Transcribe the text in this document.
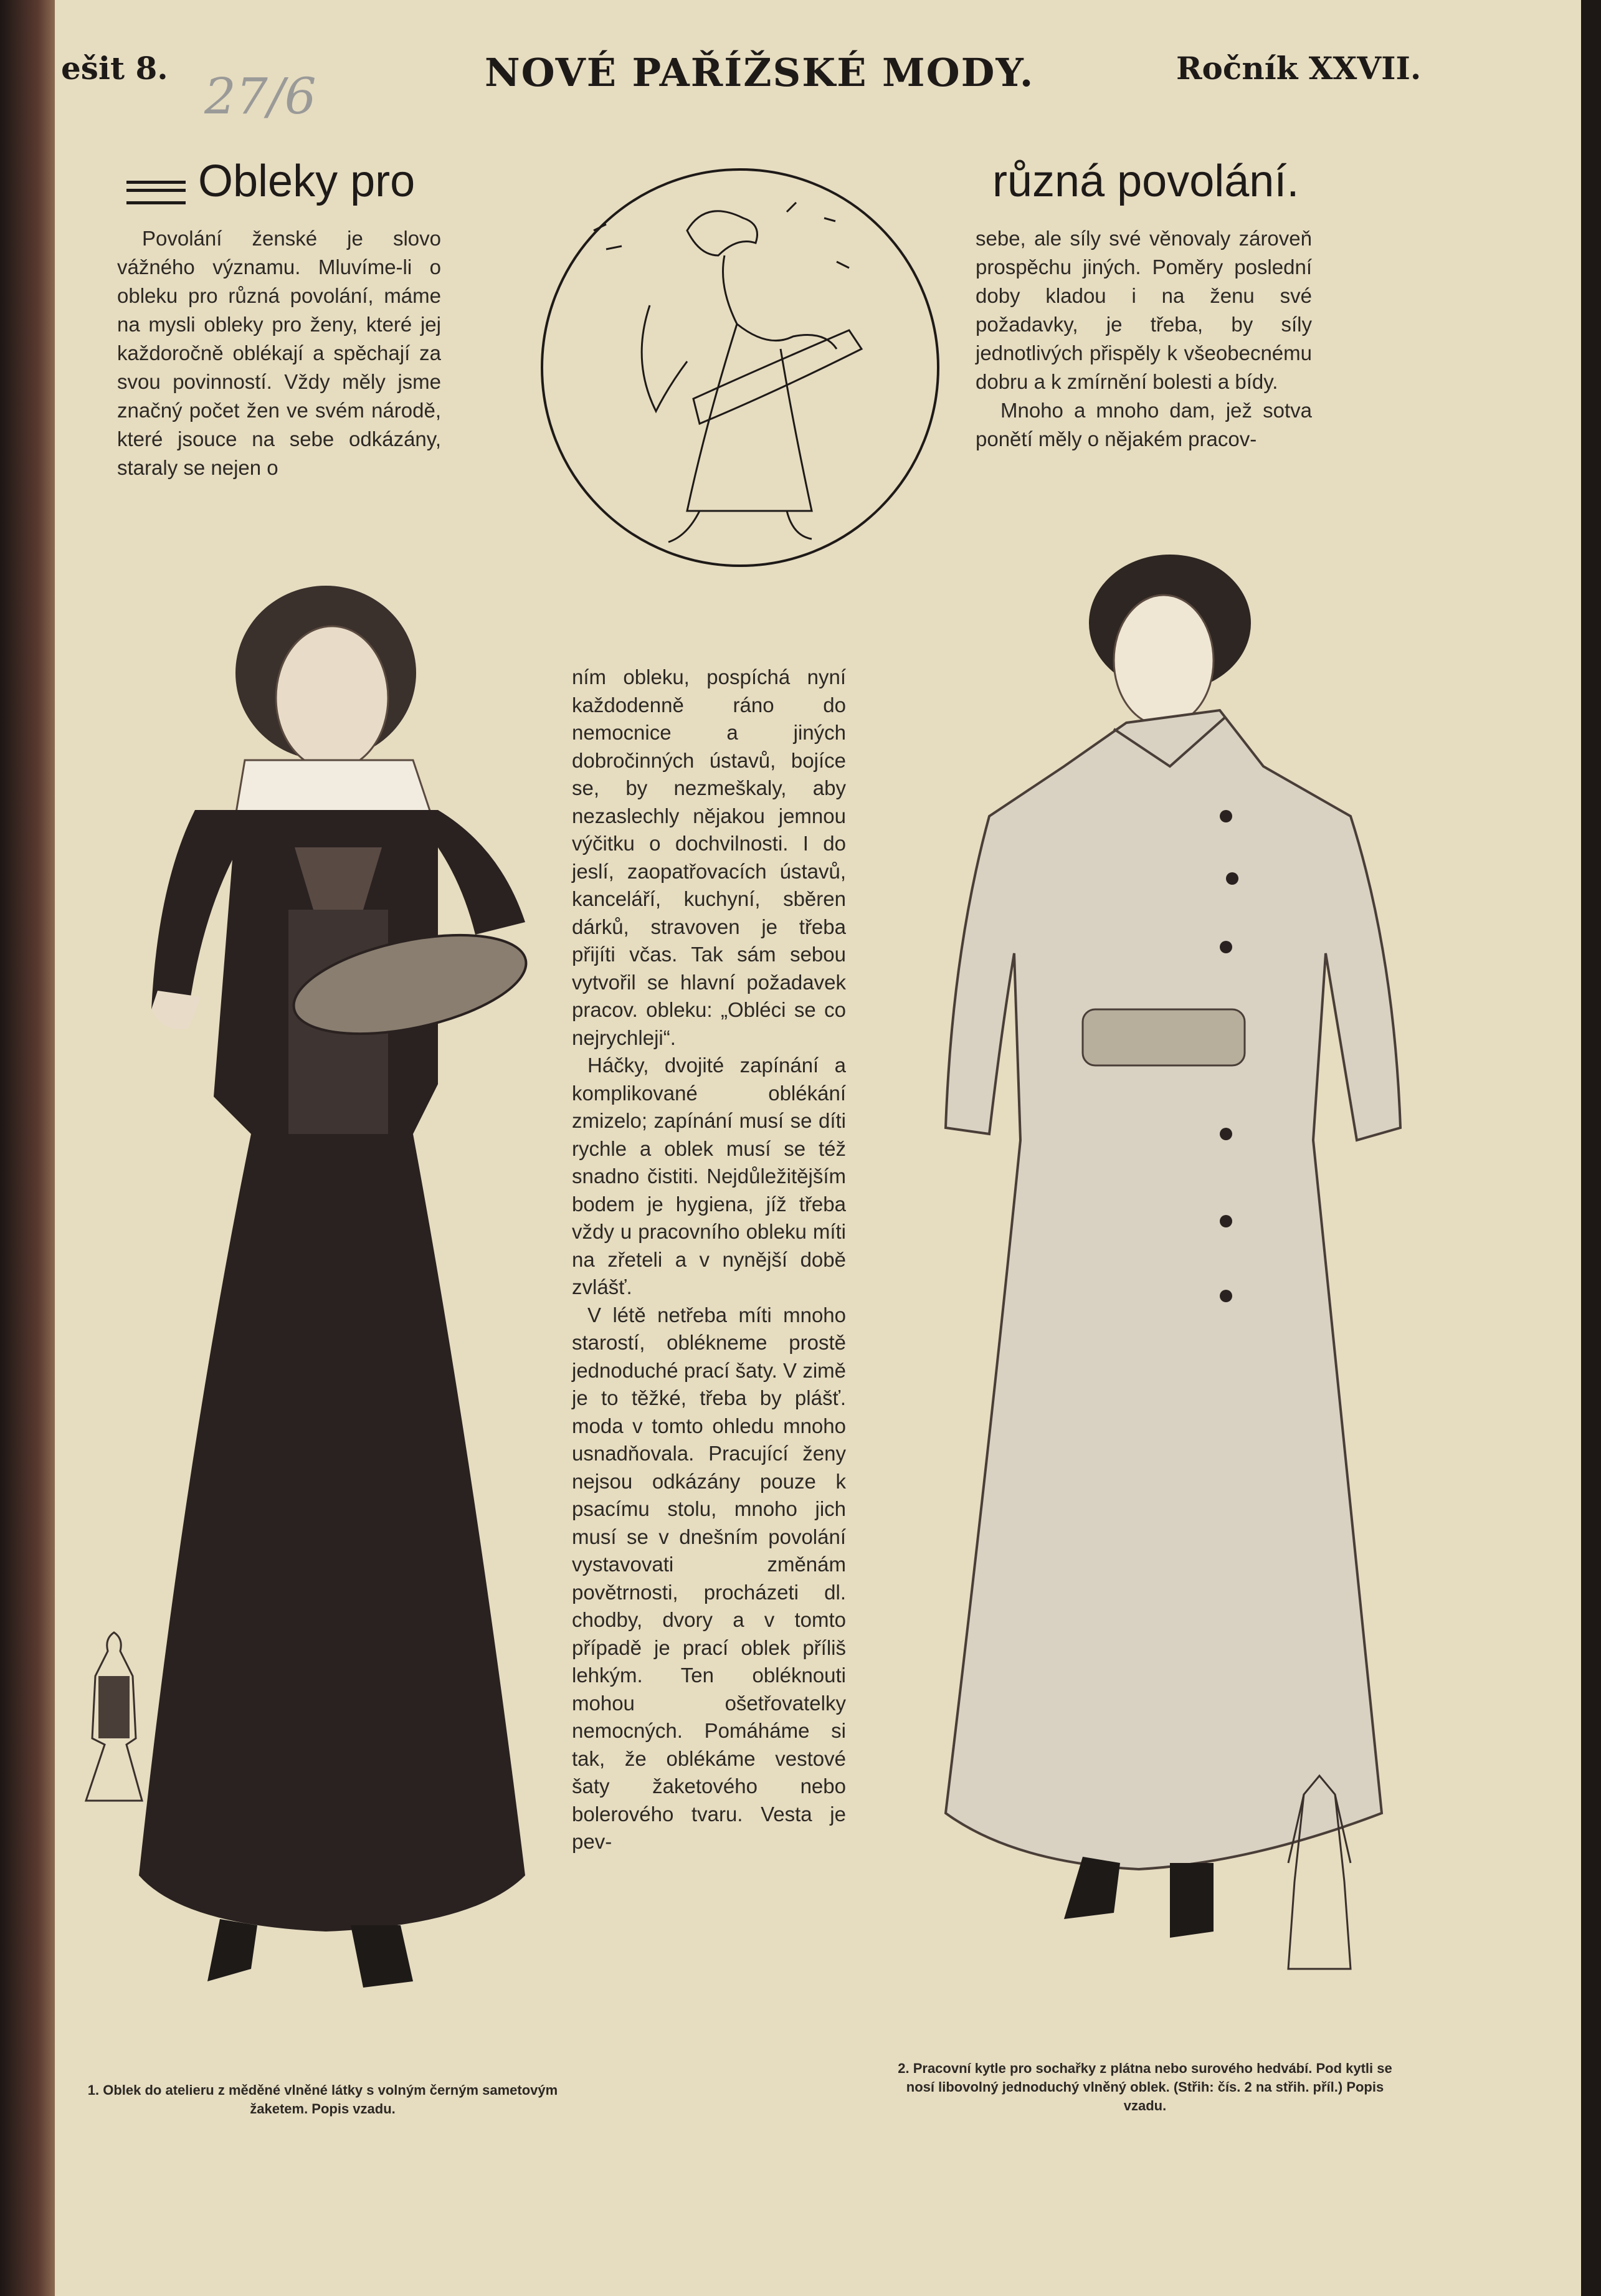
ešit 8.	NOVÉ PAŘÍŽSKÉ MODY.	Ročník XXVII.
27/6
Obleky pro	různá povolání.

Povolání ženské je slovo vážného významu. Mluvíme-li o obleku pro různá povolání, máme na mysli obleky pro ženy, které jej každoročně oblékají a spěchají za svou povinností. Vždy měly jsme značný počet žen ve svém národě, které jsouce na sebe odkázány, staraly se nejen o

sebe, ale síly své věnovaly zároveň prospěchu jiných. Poměry poslední doby kladou i na ženu své požadavky, je třeba, by síly jednotlivých přispěly k všeobecnému dobru a k zmírnění bolesti a bídy.

Mnoho a mnoho dam, jež sotva ponětí měly o nějakém pracov-

ním obleku, pospíchá nyní každodenně ráno do nemocnice a jiných dobročinných ústavů, bojíce se, by nezmeškaly, aby nezaslechly nějakou jemnou výčitku o dochvilnosti. I do jeslí, zaopatřovacích ústavů, kanceláří, kuchyní, sběren dárků, stravoven je třeba přijíti včas. Tak sám sebou vytvořil se hlavní požadavek pracov. obleku: „Obléci se co nejrychleji“.

Háčky, dvojité zapínání a komplikované oblékání zmizelo; zapínání musí se díti rychle a oblek musí se též snadno čistiti. Nejdůležitějším bodem je hygiena, jíž třeba vždy u pracovního obleku míti na zřeteli a v nynější době zvlášť.

V létě netřeba míti mnoho starostí, oblékneme prostě jednoduché prací šaty. V zimě je to těžké, třeba by plášť. moda v tomto ohledu mnoho usnadňovala. Pracující ženy nejsou odkázány pouze k psacímu stolu, mnoho jich musí se v dnešním povolání vystavovati změnám povětrnosti, procházeti dl. chodby, dvory a v tomto případě je prací oblek příliš lehkým. Ten obléknouti mohou ošetřovatelky nemocných. Pomáháme si tak, že oblékáme vestové šaty žaketového nebo bolerového tvaru. Vesta je pev-

1. Oblek do atelieru z měděné vlněné látky s volným černým sametovým žaketem. Popis vzadu.
2. Pracovní kytle pro sochařky z plátna nebo surového hedvábí. Pod kytli se nosí libovolný jednoduchý vlněný oblek. (Střih: čís. 2 na střih. příl.) Popis vzadu.
